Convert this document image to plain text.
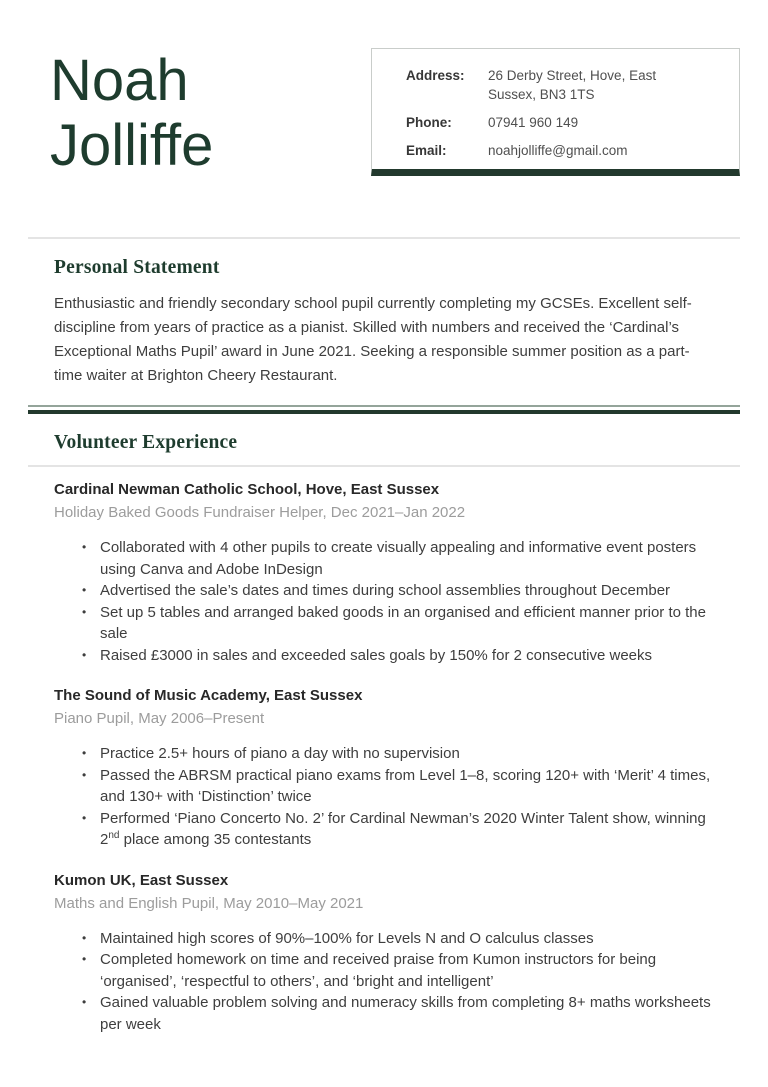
Noah
Jolliffe
Address:	26 Derby Street, Hove, East Sussex, BN3 1TS
Phone:	07941 960 149
Email:	noahjolliffe@gmail.com
Personal Statement
Enthusiastic and friendly secondary school pupil currently completing my GCSEs. Excellent self-discipline from years of practice as a pianist. Skilled with numbers and received the ‘Cardinal’s Exceptional Maths Pupil’ award in June 2021. Seeking a responsible summer position as a part-time waiter at Brighton Cheery Restaurant.
Volunteer Experience
Cardinal Newman Catholic School, Hove, East Sussex
Holiday Baked Goods Fundraiser Helper, Dec 2021–Jan 2022
• Collaborated with 4 other pupils to create visually appealing and informative event posters using Canva and Adobe InDesign
• Advertised the sale’s dates and times during school assemblies throughout December
• Set up 5 tables and arranged baked goods in an organised and efficient manner prior to the sale
• Raised £3000 in sales and exceeded sales goals by 150% for 2 consecutive weeks
The Sound of Music Academy, East Sussex
Piano Pupil, May 2006–Present
• Practice 2.5+ hours of piano a day with no supervision
• Passed the ABRSM practical piano exams from Level 1–8, scoring 120+ with ‘Merit’ 4 times, and 130+ with ‘Distinction’ twice
• Performed ‘Piano Concerto No. 2’ for Cardinal Newman’s 2020 Winter Talent show, winning 2nd place among 35 contestants
Kumon UK, East Sussex
Maths and English Pupil, May 2010–May 2021
• Maintained high scores of 90%–100% for Levels N and O calculus classes
• Completed homework on time and received praise from Kumon instructors for being ‘organised’, ‘respectful to others’, and ‘bright and intelligent’
• Gained valuable problem solving and numeracy skills from completing 8+ maths worksheets per week
